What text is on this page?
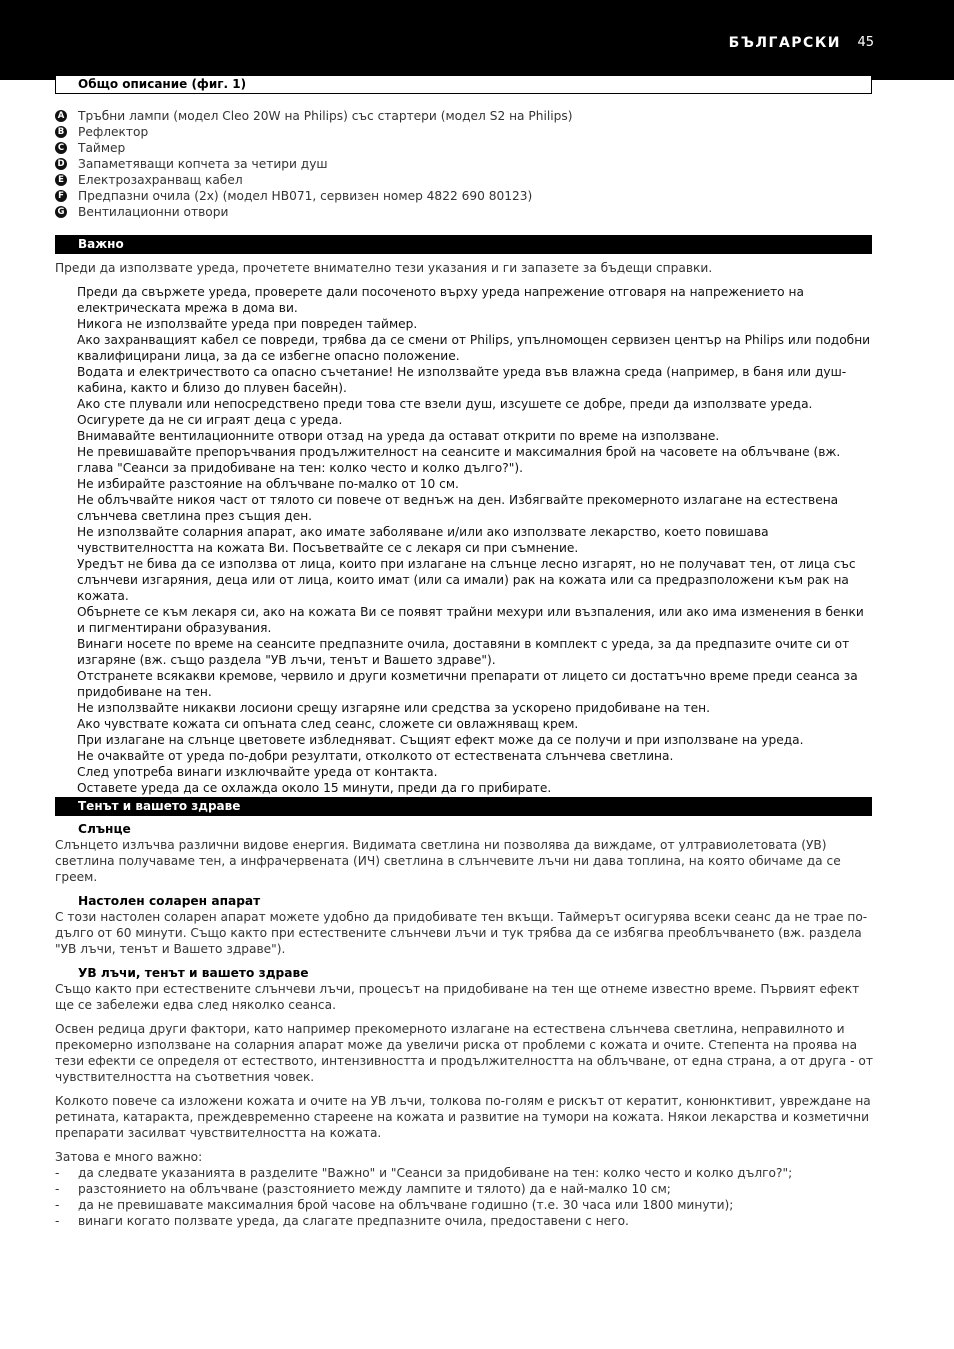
БЪЛГАРСКИ 45
Общо описание (фиг. 1)
A Тръбни лампи (модел Cleo 20W на Philips) със стартери (модел S2 на Philips)
B Рефлектор
C Таймер
D Запаметяващи копчета за четири душ
E Електрозахранващ кабел
F Предпазни очила (2x) (модел HB071, сервизен номер 4822 690 80123)
G Вентилационни отвори
Важно

Преди да използвате уреда, прочетете внимателно тези указания и ги запазете за бъдещи справки.

Преди да свържете уреда, проверете дали посоченото върху уреда напрежение отговаря на напрежението на електрическата мрежа в дома ви.

Никога не използвайте уреда при повреден таймер.

Ако захранващият кабел се повреди, трябва да се смени от Philips, упълномощен сервизен център на Philips или подобни квалифицирани лица, за да се избегне опасно положение.

Водата и електричеството са опасно съчетание! Не използвайте уреда във влажна среда (например, в баня или душ-кабина, както и близо до плувен басейн).

Ако сте плували или непосредствено преди това сте взели душ, изсушете се добре, преди да използвате уреда.

Осигурете да не си играят деца с уреда.

Внимавайте вентилационните отвори отзад на уреда да остават открити по време на използване.

Не превишавайте препоръчвания продължителност на сеансите и максималния брой на часовете на облъчване (вж. глава "Сеанси за придобиване на тен: колко често и колко дълго?").

Не избирайте разстояние на облъчване по-малко от 10 см.

Не облъчвайте никоя част от тялото си повече от веднъж на ден. Избягвайте прекомерното излагане на естествена слънчева светлина през същия ден.

Не използвайте соларния апарат, ако имате заболяване и/или ако използвате лекарство, което повишава чувствителността на кожата Ви. Посъветвайте се с лекаря си при съмнение.

Уредът не бива да се използва от лица, които при излагане на слънце лесно изгарят, но не получават тен, от лица със слънчеви изгаряния, деца или от лица, които имат (или са имали) рак на кожата или са предразположени към рак на кожата.

Обърнете се към лекаря си, ако на кожата Ви се появят трайни мехури или възпаления, или ако има изменения в бенки и пигментирани образувания.

Винаги носете по време на сеансите предпазните очила, доставяни в комплект с уреда, за да предпазите очите си от изгаряне (вж. също раздела "УВ лъчи, тенът и Вашето здраве").

Отстранете всякакви кремове, червило и други козметични препарати от лицето си достатъчно време преди сеанса за придобиване на тен.

Не използвайте никакви лосиони срещу изгаряне или средства за ускорено придобиване на тен.

Ако чувствате кожата си опъната след сеанс, сложете си овлажняващ крем.

При излагане на слънце цветовете избледняват. Същият ефект може да се получи и при използване на уреда.

Не очаквайте от уреда по-добри резултати, отколкото от естествената слънчева светлина.

След употреба винаги изключвайте уреда от контакта.

Оставете уреда да се охлажда около 15 минути, преди да го прибирате.

Тенът и вашето здраве

Слънце

Слънцето излъчва различни видове енергия. Видимата светлина ни позволява да виждаме, от ултравиолетовата (УВ) светлина получаваме тен, а инфрачервената (ИЧ) светлина в слънчевите лъчи ни дава топлина, на която обичаме да се греем.

Настолен соларен апарат

С този настолен соларен апарат можете удобно да придобивате тен вкъщи. Таймерът осигурява всеки сеанс да не трае по-дълго от 60 минути. Също както при естествените слънчеви лъчи и тук трябва да се избягва преоблъчването (вж. раздела "УВ лъчи, тенът и Вашето здраве").

УВ лъчи, тенът и вашето здраве

Също както при естествените слънчеви лъчи, процесът на придобиване на тен ще отнеме известно време. Първият ефект ще се забележи едва след няколко сеанса.

Освен редица други фактори, като например прекомерното излагане на естествена слънчева светлина, неправилното и прекомерно използване на соларния апарат може да увеличи риска от проблеми с кожата и очите. Степента на проява на тези ефекти се определя от естеството, интензивността и продължителността на облъчване, от една страна, а от друга - от чувствителността на съответния човек.

Колкото повече са изложени кожата и очите на УВ лъчи, толкова по-голям е рискът от кератит, конюнктивит, увреждане на ретината, катаракта, преждевременно стареене на кожата и развитие на тумори на кожата. Някои лекарства и козметични препарати засилват чувствителността на кожата.

Затова е много важно:

-	да следвате указанията в разделите "Важно" и "Сеанси за придобиване на тен: колко често и колко дълго?";
-	разстоянието на облъчване (разстоянието между лампите и тялото) да е най-малко 10 см;
-	да не превишавате максималния брой часове на облъчване годишно (т.е. 30 часа или 1800 минути);
-	винаги когато ползвате уреда, да слагате предпазните очила, предоставени с него.
